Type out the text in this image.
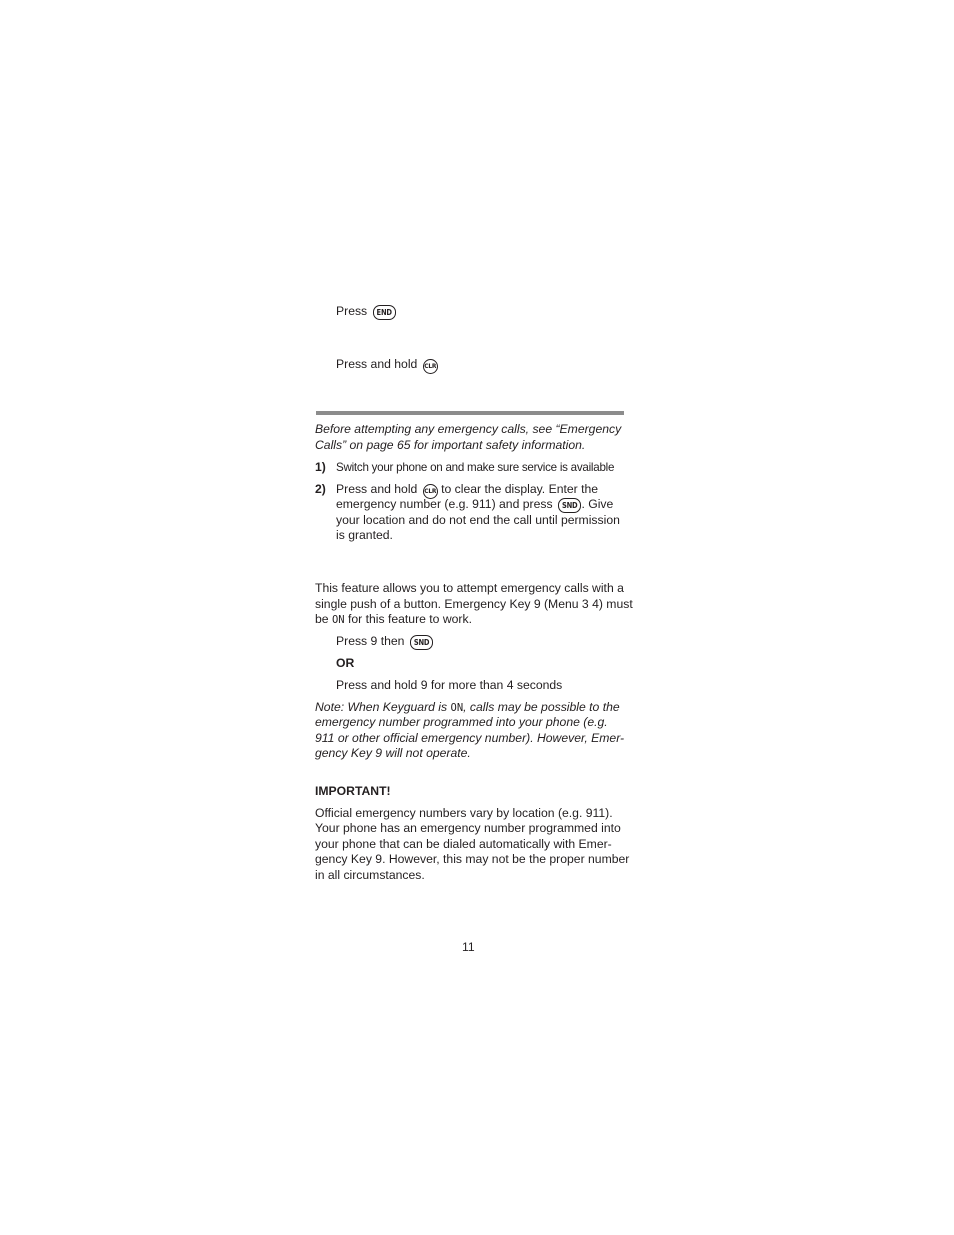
Press END
Press and hold CLR
Before attempting any emergency calls, see “Emergency
Calls” on page 65 for important safety information.
1) Switch your phone on and make sure service is available
2) Press and hold CLR to clear the display. Enter the
emergency number (e.g. 911) and press SND . Give
your location and do not end the call until permission
is granted.
This feature allows you to attempt emergency calls with a
single push of a button. Emergency Key 9 (Menu 3 4) must
be ON for this feature to work.
Press 9 then SND
OR
Press and hold 9 for more than 4 seconds
Note: When Keyguard is ON, calls may be possible to the
emergency number programmed into your phone (e.g.
911 or other official emergency number). However, Emer-
gency Key 9 will not operate.
IMPORTANT!
Official emergency numbers vary by location (e.g. 911).
Your phone has an emergency number programmed into
your phone that can be dialed automatically with Emer-
gency Key 9. However, this may not be the proper number
in all circumstances.
11
